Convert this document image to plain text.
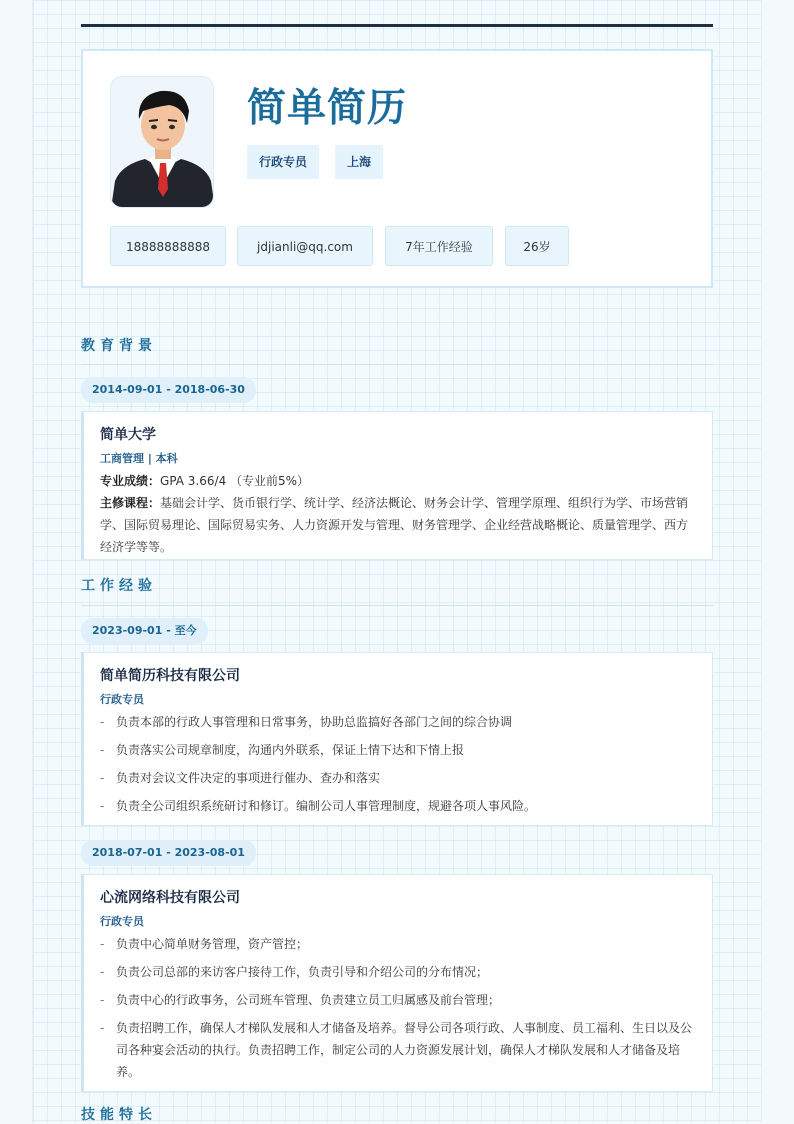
简单简历
行政专员	上海
18888888888	jdjianli@qq.com	7年工作经验	26岁
教育背景
2014-09-01 - 2018-06-30
简单大学
工商管理 | 本科
专业成绩：GPA 3.66/4 （专业前5%）
主修课程：基础会计学、货币银行学、统计学、经济法概论、财务会计学、管理学原理、组织行为学、市场营销学、国际贸易理论、国际贸易实务、人力资源开发与管理、财务管理学、企业经营战略概论、质量管理学、西方经济学等等。
工作经验
2023-09-01 - 至今
简单简历科技有限公司
行政专员
- 负责本部的行政人事管理和日常事务，协助总监搞好各部门之间的综合协调
- 负责落实公司规章制度，沟通内外联系，保证上情下达和下情上报
- 负责对会议文件决定的事项进行催办、查办和落实
- 负责全公司组织系统研讨和修订。编制公司人事管理制度，规避各项人事风险。
2018-07-01 - 2023-08-01
心流网络科技有限公司
行政专员
- 负责中心简单财务管理，资产管控；
- 负责公司总部的来访客户接待工作，负责引导和介绍公司的分布情况；
- 负责中心的行政事务，公司班车管理、负责建立员工归属感及前台管理；
- 负责招聘工作，确保人才梯队发展和人才储备及培养。督导公司各项行政、人事制度、员工福利、生日以及公司各种宴会活动的执行。负责招聘工作，制定公司的人力资源发展计划，确保人才梯队发展和人才储备及培养。
技能特长
